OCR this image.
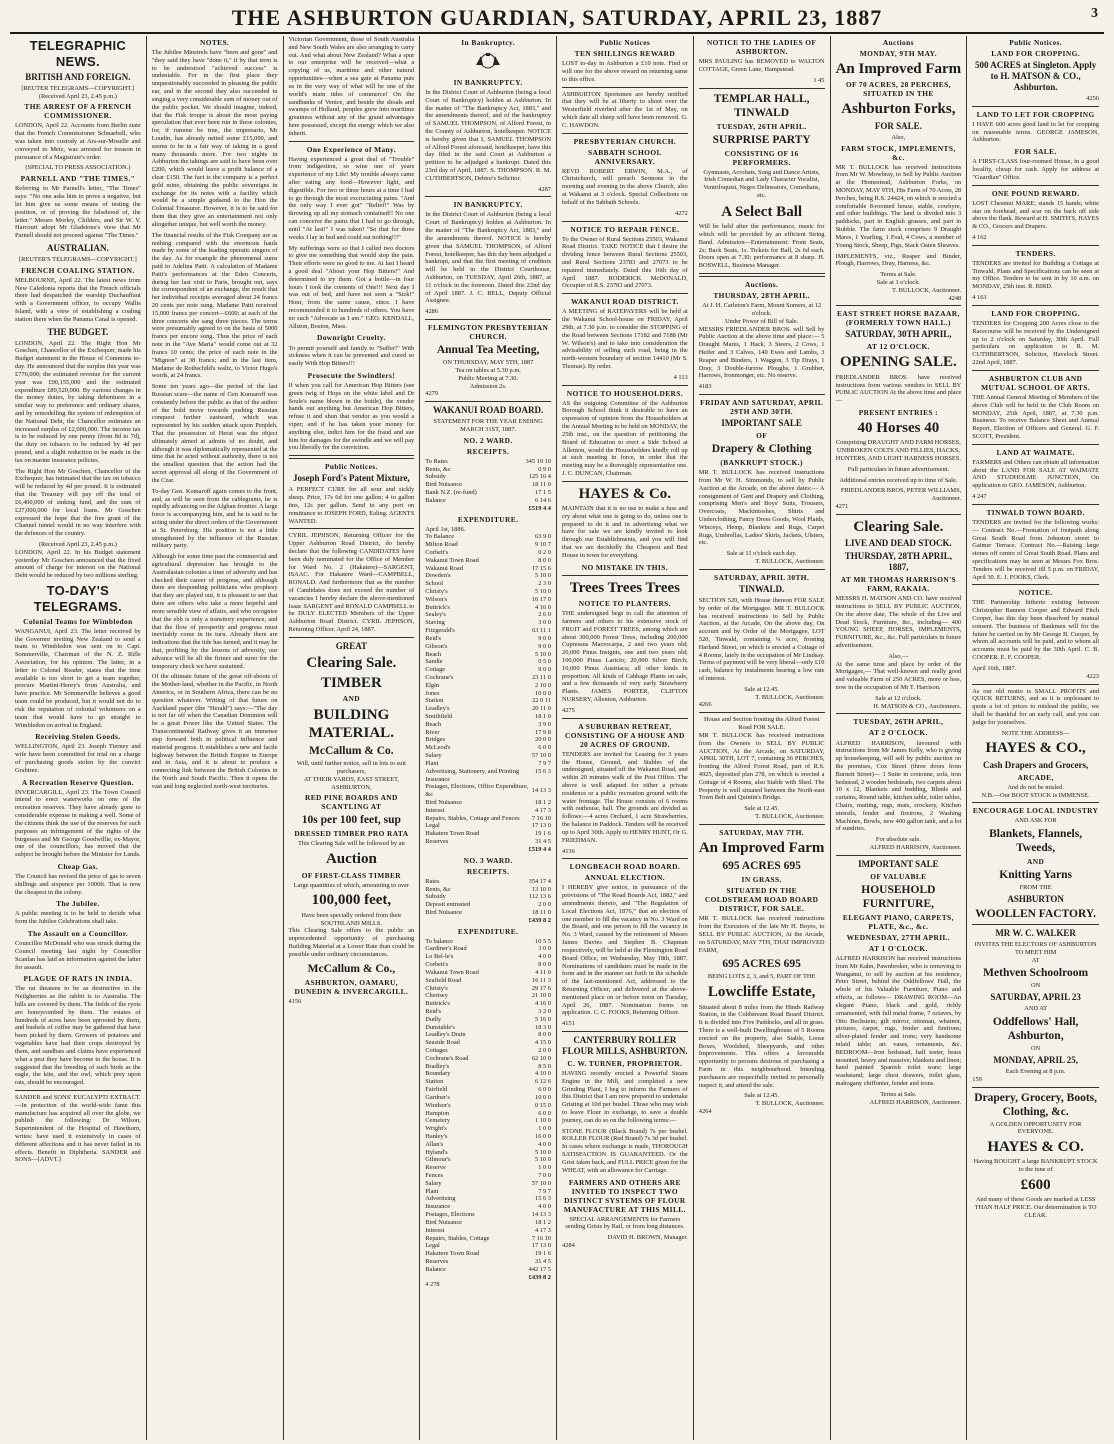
THE ASHBURTON GUARDIAN, SATURDAY, APRIL 23, 1887	3
TELEGRAPHIC NEWS.
BRITISH AND FOREIGN.
[REUTER TELEGRAMS—COPYRIGHT.]
(Received April 23, 2.45 p.m.)
THE ARREST OF A FRENCH COMMISSIONER.

LONDON, April 22. Accounts from Berlin state that the French Commissioner Schnaebell, who was taken into custody at Ars-sur-Moselle and conveyed to Metz, was arrested for treason in pursuance of a Magistrate's order.

(SPECIAL TO PRESS ASSOCIATION.)
PARNELL AND "THE TIMES."

Referring to Mr Parnell's letter, "The Times" says: "No one asks him to prove a negative, but let him give us some means of testing the position, or of proving the falsehood of, the letter." Messrs Morley, Childers, and Sir W. V. Harcourt adopt Mr Gladstone's view that Mr Parnell should not proceed against "The Times."

AUSTRALIAN.
[REUTER'S TELEGRAMS—COPYRIGHT.]
FRENCH COALING STATION.

MELBOURNE, April 22. The latest news from New Caledonia reports that the French officials there had despatched the warship Duchauffaut with a Government officer, to occupy Wallis Island, with a view of establishing a coaling station there when the Panama Canal is opened.

THE BUDGET.

LONDON, April 22. The Right Hon Mr Goschen, Chancellor of the Exchequer, made his Budget statement in the House of Commons to-day. He announced that the surplus this year was £776,000; the estimated revenue for the current year was £90,155,000 and the estimated expenditure £89,520,000. By various changes in the money duties, by taking debentures in a similar way to preference and ordinary shares, and by remodelling the system of redemption of the National Debt, the Chancellor estimates an increased surplus of £2,000,000. The income tax is to be reduced by one penny (from 8d to 7d), the duty on tobacco to be reduced by 4d per pound, and a slight reduction to be made in the tax on marine insurance policies.

The Right Hon Mr Goschen, Chancellor of the Exchequer, has intimated that the tax on tobacco will be reduced by 4d per pound. It is estimated that the Treasury will pay off the total of £6,400,000 of sinking fund, and the sum of £27,000,000 for local loans. Mr Goschen expressed the hope that the free grant of the Channel tunnel would in no way interfere with the defences of the country.

(Received April 23, 2.45 p.m.)

LONDON, April 22. In his Budget statement yesterday Mr Goschen announced that the fixed amount of charge for interest on the National Debt would be reduced by two millions sterling.

TO-DAY'S TELEGRAMS.
Colonial Teams for Wimbledon

WANGANUI, April 23. The letter received by the Governor inviting New Zealand to send a team to Wimbledon was sent on to Capt. Sommerville, Chairman of the N. Z. Rifle Association, for his opinion. The latter, in a letter to Colonel Reader, states that the time available is too short to get a team together, procure Martini-Henry's from Australia, and have practice. Mr Sommerville believes a good team could be produced, but it would not do to risk the reputation of colonial volunteers on a team that would have to go straight to Wimbledon on arrival in England.

Receiving Stolen Goods.

WELLINGTON, April 23. Joseph Tierney and wife have been committed for trial on a charge of purchasing goods stolen by the convict Grabtree.

A Recreation Reserve Question.

INVERCARGILL, April 23. The Town Council intend to erect waterworks on one of the recreation reserves. They have already gone to considerable expense in making a well. Some of the citizens think the use of the reserves for such purposes an infringement of the rights of the burgesses and Mr George Goodwillie, ex-Mayor, one of the councillors, has moved that the subject be brought before the Minister for Lands.

Cheap Gas.

The Council has revised the price of gas to seven shillings and sixpence per 1000ft. That is now the cheapest in the colony.

The Jubilee.

A public meeting is to be held to decide what form the Jubilee Celebrations shall take.

The Assault on a Councillor.

Councillor McDonald who was struck during the Council meeting last night by Councillor Scanlan has laid an information against the latter for assault.

PLAGUE OF RATS IN INDIA.

The rat theatens to be as destructive in the Neilgherries as the rabbit is to Australia. The hills are covered by them. The fields of the ryots are honeycombed by them. The estates of hundreds of acres have been uprooted by them, and bushels of coffee may be gathered that have been picked by them. Growers of potatoes and vegetables have had their crops destroyed by them, and sandbats and claims have experienced what a pest they have become to the house. It is suggested that the breeding of such birds as the eagle, the kite, and the owl, which prey upon rats, should be encouraged.

SANDER and SONS' EUCALYPTI EXTRACT.—In protection of the world-wide fame this manufacture has acquired all over the globe, we publish the following: Dr Wilson, Superintendent of the Hospital of Hawthorn, writes: have used it extensively in cases of different affections and it has never failed in its effects. Benefit in Diphtheria. SANDER and SONS—[ADVT.]

NOTES.

The Jubilee Minstrels have "been and gone" and "they said they have "done it," if by that term is to be understood "achieved success" is undeniable. For in the first place they unquestionably succeeded in pleasing the public ear, and in the second they also succeeded in singing a very considerable sum of money out of the public pocket. We should imagine, indeed, that the Fisk troupe is about the most paying speculation that ever been run in these colonies, for, if rumour be true, the impresario, Mr Loudin, has already netted some £15,000, and seems to be in a fair way of taking in a good many thousands more. For two nights in Ashburton the takings are said to have been over £200, which would leave a profit balance of a clear £150. The fact is the company is a perfect gold mine, obtaining the public sovereigns in exchange for its notes with a facility which would be a simple godsend to the Hon the Colonial Treasurer. However, it is to be said for them that they give an entertainment not only altogether unique, but well worth the money.

The financial results of the Fisk Company are as nothing compared with the enormous hauls made by some of the leading operatic singers of the day. As for example the phenomenal sums paid to Adelina Patti. A calculation of Madame Patti's performances at the Eden Concerts, during her last visit to Paris, brought out, says the correspondent of an exchange, the result that her individual receipts averaged about 24 francs 20 cents per note sung. Madame Patti received 15,000 francs per concert—£600; at each of the three concerts she sang three pieces. The terms were presumably agreed to on the basis of 5000 francs per encore song. Thus the price of each note in the "Ave Maria" would come out at 32 francs 10 cents; the price of each note in the "Mignon" at 38 francs; and in the last item, Madame de Rothschild's waltz, to Victor Hugo's words, at 24 francs.

Some ten years ago—the period of the last Russian scare—the name of Gen Komaroff was constantly before the public as that of the author of the bold move towards pushing Russian conquest further eastward, which was represented by his sudden attack upon Penjdeh. That the possession of Herat was the object ultimately aimed at admits of no doubt, and although it was diplomatically represented at the time that he acted without authority, there is not the smallest question that the action had the secret approval all along of the Government of the Czar.

To-day Gen. Komaroff again comes to the front, and, as will be seen from the cablegrams, he is rapidly advancing on the Afghan frontier. A large force is accompanying him, and he is said to be acting under the direct orders of the Government at St. Petersburg. His position is not a little strengthened by the influence of the Russian military party.

Although for some time past the commercial and agricultural depression has brought to the Australasian colonies a time of adversity and has checked their career of progress, and although there are desponding politicians who prophesy that they are played out, it is pleasant to see that there are others who take a more hopeful and more sensible view of affairs, and who recognise that the ebb is only a transitory experience, and that the flow of prosperity and progress must inevitably come in its turn. Already there are indications that the tide has turned, and it may be that, profiting by the lessons of adversity, our advance will be all the firmer and surer for the temporary check we have sustained.

Of the ultimate future of the great off-shoots of the Mother-land, whether in the Pacific, in North America, or in Southern Africa, there can be no question whatever. Writing of that future on Auckland paper (the "Herald") says:—"The day is not far off when the Canadian Dominion will be a great Power like the United States. The Transcontinental Railway gives it an immense step forward both in political influence and material progress. It establishes a new and facile highway between the British Empire in Europe and in Asia, and it is about to produce a connecting link between the British Colonies in the North and South Pacific. Then it opens the vast and long neglected north-west territories.

Victorian Government, those of South Australia and New South Wales are also arranging to carry out. And what about New Zealand? What a spur to our enterprise will be received—what a copying of us, maritime and other natural opportunities—when a sea gate at Panama puts us in the very way of what will be one of the world's main tides of commerce! On the sandbanks of Venice, and beside the shoals and swamps of Holland, peoples grew into maritime greatness without any of the grand advantages here possessed, except the energy which we also inherit.

One Experience of Many.

Having experienced a great deal of "Trouble" from indigestion, so wine one of years experience of my Life! My trouble always came after eating any food—However light, and digestible. For two or three hours at a time I had to go through the most excruciating pains. "And the only way I ever got" "Relief!" Was by throwing up all my stomach contained!! No one can conceive the pains that I had to go through, until "At last!" I was taken! "So that for three weeks I lay in bed and could eat nothing!!!"

My sufferings were so that I called two doctors to give me something that would stop the pain. Their efforts were no good to me. At last I heard a good deal "About your Hop Bitters!" And determined to try them. Got a bottle—in four hours I took the contents of One!!! Next day I was out of bed, and have not seen a "Sick!" Hour, from the same cause, since. I have recommended it to hundreds of others. You have no such "Advocate as I am." GEO. KENDALL, Allston, Boston, Mass.

Downright Cruelty.

To permit yourself and family to "Suffer!" With sickness when it can be prevented and cured so easily With Hop Bitters!!!

Prosecute the Swindlers!

If when you call for American Hop Bitters (see green twig of Hops on the white label and Dr Soule's name blown in the bottle), the vendor hands out anything but American Hop Bitters, refuse it and shun that vendor as you would a viper; and if he has taken your money for anything else, indict him for the fraud and sue him for damages for the swindle and we will pay you liberally for the conviction.

Public Notices.
Joseph Ford's Patent Mixture,

A PERFECT CURE for all sour and sickly sheep. Price, 17s 6d for one gallon; 4 to gallon tins, 12s per gallon. Send to any port on remittance to JOSEPH FORD, Ealing. AGENTS WANTED.

CYRIL JEPHSON, Returning Officer for the Upper Ashburton Road District, do hereby declare that the following CANDIDATES have been duly nominated for the Office of Member for Ward No. 2 (Hakatere)—SARGENT, ISAAC. For Hakatere Ward—CAMPBELL, RONALD. And furthermore that as the number of Candidates does not exceed the number of vacancies I hereby declare the above-mentioned Isaac SARGENT and RONALD CAMPBELL to be DULY ELECTED Members of the Upper Ashburton Road District. CYRIL JEPHSON, Returning Officer. April 24, 1887.

GREAT
Clearing Sale.
TIMBER
AND
BUILDING MATERIAL.
McCallum & Co.
Will, until further notice, sell in lots to suit purchasers,
AT THEIR YARDS, EAST STREET, ASHBURTON,
RED PINE BOARDS AND SCANTLING AT
10s per 100 feet, sup
DRESSED TIMBER PRO RATA
This Clearing Sale will be followed by an
Auction
OF FIRST-CLASS TIMBER
Large quantities of which, amounting to over
100,000 feet,
Have been specially ordered from their SOUTHLAND MILLS.

This Clearing Sale offers to the public an unprecedented opportunity of purchasing Building Material at a Lower Rate than could be possible under ordinary circumstances.

McCallum & Co.,
ASHBURTON, OAMARU, DUNEDIN & INVERCARGILL.
4156
In Bankruptcy.
IN BANKRUPTCY.

In the District Court of Ashburton (being a local Court of Bankruptcy) holden at Ashburton. In the matter of "The Bankruptcy Act, 1883," and the amendments thereof, and of the bankruptcy of SAMUEL THOMPSON, of Alford Forest, in the County of Ashburton, hotelkeeper. NOTICE is hereby given that I, SAMUEL THOMPSON of Alford Forest aforesaid, hotelkeeper, have this day filed in the said Court at Ashburton a petition to be adjudged a bankrupt. Dated this 23rd day of April, 1887. S. THOMPSON. R. M. CUTHBERTSON, Debtor's Solicitor.

4287
IN BANKRUPTCY.

In the District Court of Ashburton (being a local Court of Bankruptcy) holden at Ashburton. In the matter of "The Bankruptcy Act, 1883," and the amendments thereof. NOTICE is hereby given that SAMUEL THOMPSON, of Alford Forest, hotelkeeper, has this day been adjudged a bankrupt, and that the first meeting of creditors will be held in the District Courthouse, Ashburton, on TUESDAY, April 26th, 1887, at 11 o'clock in the forenoon. Dated this 22nd day of April 1887. J. C. BELL, Deputy Official Assignee.

4286
FLEMINGTON PRESBYTERIAN CHURCH.
Annual Tea Meeting,
ON THURSDAY, MAY 5TH, 1887
Tea on tables at 5.30 p.m.
Public Meeting at 7.30.
Admission 2s.
4279
WAKANUI ROAD BOARD.
STATEMENT FOR THE YEAR ENDING MARCH 31ST, 1887.
NO. 2 WARD.
RECEIPTS.
To Rates	345 19 10
Rents, &c	0 9 0
Subsidy	125 16 4
Bird Nuisance	18 11 0
Bank N.Z. (re-fund)	17 1 5
Balance	6 14 6
£519 4 4
EXPENDITURE.
April 1st, 1886.
To Balance	63 9 0
Milton Road	9 10 7
Corbett's	0 2 0
Wakanui Town Road	8 0 0
Wakanui Road	17 15 6
Dowden's	5 10 0
School	2 3 0
Christy's	5 10 0
Wilson's	16 17 0
Buttrick's	4 16 0
Sealey's	2 6 0
Staving	3 0 0
Fitzgerald's	63 11 1
Reid's	9 0 0
Gibson's	9 0 0
Beach	5 10 0
Sandle	0 5 0
Cottage	9 0 0
Cochrane's	23 11 0
Elgin	2 10 0
Jones	10 0 0
Station	22 0 11
Leadley's	20 11 0
Smithfield	18 1 0
Beach	3 9 0
River	17 9 8
Bridges	20 0 0
McLeod's	6 0 0
Salary	57 10 0
Plant	7 9 7
Advertising, Stationery, and Printing	15 6 3
Insurance	
Postages, Elections, Office Expenditure, &c	14 13 3
Bird Nuisance	18 1 2
Interest	4 17 3
Repairs, Stables, Cottage and Fences	7 16 10
Legal	17 13 0
Hakatere Town Road	19 1 6
Reserves	31 4 5
£519 4 4
NO. 3 WARD.
RECEIPTS.
Rates	354 17 4
Rents, &c	13 10 0
Subsidy	112 13 6
Deposit entrusted	2 0 0
Bird Nuisance	18 11 0
£439 8 2
EXPENDITURE.
To balance	10 5 5
Gardiner's Road	3 0 0
Lo Bel-le's	4 0 0
Corbett's	8 0 0
Wakanui Town Road	4 11 0
Seafield Road	16 11 3
Christy's	29 17 6
Chertsey	21 10 0
Buttrick's	4 16 0
Reid's	3 2 0
Dudly	5 16 0
Dunstable's	18 3 0
Leadley's Drain	8 0 0
Seaside Road	4 15 0
Cottages	2 0 0
Cochrane's Road	62 10 0
Bradley's	8 5 0
Boundary	4 10 0
Station	6 12 6
Fairfield	6 0 0
Gardner's	10 0 0
Windsor's	0 15 0
Hampton	6 0 0
Cemetery	1 10 0
Wright's	1 0 0
Hanley's	16 0 0
Allan's	4 0 0
Hyland's	5 10 0
Gilmour's	5 10 0
Reserve	1 0 0
Fences	7 0 0
Salary	57 10 0
Plant	7 9 7
Advertising	15 6 3
Insurance	4 0 0
Postages, Elections	14 13 3
Bird Nuisance	18 1 2
Interest	4 17 3
Repairs, Stables, Cottage	7 16 10
Legal	17 13 0
Hakatere Town Road	19 1 6
Reserves	31 4 5
Balance	442 17 5
£439 8 2
4 278
Public Notices
TEN SHILLINGS REWARD

LOST to-day in Ashburton a £10 note. Find or will one for the above reward on returning same to this office.

ASHBURTON Sportsmen are hereby notified that they will be at liberty to shoot over the Westerfield riverbed after the 1st of May, on which date all sheep will have been removed. G. C. HAWDON.

PRESBYTERIAN CHURCH.
SABBATH SCHOOL ANNIVERSARY.

REVD ROBERT ERWIN, M.A., of Christchurch, will preach Sermons in the morning and evening in the above Church, also at Wakanui at 3 o'clock. Special Collections on behalf of the Sabbath Schools.

4272
NOTICE TO REPAIR FENCE.

To the Owner of Rural Sections 25503, Wakanui Road District. TAKE NOTICE that I desire the dividing fence between Rural Sections 25503, and Rural Sections 23783 and 27073 to be repaired immediately. Dated this 16th day of April 1887. RODERICK McDONALD, Occupier of R.S. 23783 and 27073.

WAKANUI ROAD DISTRICT.

A MEETING of RATEPAYERS will be held at the Wakanui School-house on FRIDAY, April 29th, at 7.30 p.m. to consider the STOPPING of the Road between Sections 17182 and 7188 (Mr W. Wilson's) and to take into consideration the advisability of selling such road, being in the north-western boundary of section 14410 (Mr S. Thomas). By order.

4 113
NOTICE TO HOUSEHOLDERS.

AS the outgoing Committee of the Ashburton Borough School think it desirable to have an expression of opinion from the Householders at the Annual Meeting to be held on MONDAY, the 25th inst., on the question of petitioning the Board of Education to erect a Side School at Allenton, would the Householders kindly roll up at such meeting in force, in order that the meeting may be a thoroughly representative one. J. C. DUNCAN, Chairman.

HAYES & Co.

MAINTAIN that it is no use to make a fuss and cry about what one is going to do, unless one is prepared to do it and in advertising what we have for sale we are kindly invited to look through our Establishments, and you will find that we are decidedly the Cheapest and Best House in town for everything.

NO MISTAKE IN THIS.
Trees Trees Trees
NOTICE TO PLANTERS.

THE undersigned begs to call the attention of farmers and others to his extensive stock of FRUIT and FOREST TREES, among which are about 300,000 Forest Trees, including 200,000 Cupressus Macrocarpa, 2 and two years old; 20,000 Pinus Insignis, one and two years old; 100,000 Pinus Laricio; 20,000 Silver Birch; 10,000 Pinus Austriaca; all other kinds in proportion. All kinds of Cabbage Plants on sale, and a few thousands of very early Strawberry Plants. JAMES PORTER, CLIFTON NURSERY, Allenton, Ashburton.

4275
A SUBURBAN RETREAT, CONSISTING OF A HOUSE AND 20 ACRES OF GROUND.

TENDERS are invited for Leasing for 3 years the House, Ground, and Stables of the undersigned, situated off the Wakanui Road, and within 20 minutes walk of the Post Office. The above is well adapted for either a private residence or a public recreation ground with the water frontage. The House consists of 6 rooms with outhouse, hall. The grounds are divided as follows:—4 acres Orchard, 1 acre Strawberries, the balance in Paddock. Tenders will be received up to April 30th. Apply to HENRY HUNT, Or G. FRIEDMAN.

4136
LONGBEACH ROAD BOARD.
ANNUAL ELECTION.

I HEREBY give notice, in pursuance of the provisions of "The Road Boards Act, 1882," and amendments thereto, and "The Regulation of Local Elections Act, 1876," that an election of one member to fill the vacancy in No. 3 Ward on the Board, and one person to fill the vacancy in No. 3 Ward, caused by the retirement of Messrs James Davies and Stephen B. Chapman respectively, will be held at the Flemington Road Board Office, on Wednesday, May 18th, 1887. Nominations of candidates must be made in the form and in the manner set forth in the schedule of the last-mentioned Act, addressed to the Returning Officer, and delivered at the above-mentioned place on or before noon on Tuesday, April 26, 1887. Nomination forms on application. C. C. FOOKS, Returning Officer.

4151
CANTERBURY ROLLER FLOUR MILLS, ASHBURTON.
C. W. TURNER, PROPRIETOR.

HAVING recently erected a Powerful Steam Engine in the Mill, and completed a new Grinding Plant, I beg to inform the Farmers of this District that I am now prepared to undertake Gristing at 10d per bushel. Those who may wish to leave Flour in exchange, to save a double journey, can do so on the following terms:—

STONE FLOUR (Black Brand) 7s per bushel. ROLLER FLOUR (Red Brand) 7s 3d per bushel. In cases where exchange is made, THOROUGH SATISFACTION IS GUARANTEED. Or the Grist taken back, and FULL PRICE given for the WHEAT, with an allowance for Carriage.

FARMERS AND OTHERS ARE INVITED TO INSPECT TWO DISTINCT SYSTEMS OF FLOUR MANUFACTURE AT THIS MILL.

SPECIAL ARRANGEMENTS for Farmers sending Grists by Rail, or from long distances.

DAVID H. BROWN, Manager.
4284
NOTICE TO THE LADIES OF ASHBURTON.

MRS PAULING has REMOVED to WALTON COTTAGE, Green Lane, Hampstead.

1 45
TEMPLAR HALL, TINWALD
TUESDAY, 26TH APRIL.
SURPRISE PARTY
CONSISTING OF 16 PERFORMERS.

Gymnasts, Acrobats, Song and Dance Artists, Irish Comedian and Lady Character Vocalist, Ventriloquist, Negro Delineators, Comedians, etc.

A Select Ball

Will be held after the performance, music for which will be provided by an efficient String Band. Admission—Entertainment: Front Seats, 2s; Back Seats, 1s. Tickets for Ball, 2s 6d each. Doors open at 7.30; performance at 8 sharp. H. BOSWELL, Business Manager.

Auctions.
THURSDAY, 28TH APRIL.
At J. H. Carleton's Farm, Mount Somers, at 12 o'clock.
Under Power of Bill of Sale.

MESSRS FRIEDLANDER BROS. will Sell by Public Auction at the above time and place:— 5 Draught Mares, 1 Hack, 3 Steers, 2 Cows, 1 Heifer and 3 Calves, 140 Ewes and Lambs, 3 Reaper and Binders, 1 Waggon, 3 Tip Drays, 1 Dray, 3 Double-furrow Ploughs, 1 Grubber, Harrows, Ironmonger, etc. No reserve.

4183
FRIDAY AND SATURDAY, APRIL 29TH AND 30TH.
IMPORTANT SALE
OF
Drapery & Clothing
(BANKRUPT STOCK.)

MR T. BULLOCK has received instructions from Mr W. H. Simmonds, to sell by Public Auction at the Arcade, on the above dates:— A consignment of Gent and Drapery and Clothing, comprising Men's and Boys' Suits, Trousers, Overcoats, Mackintoshes, Shirts and Underclothing, Fancy Dress Goods, Wool Plaids, Winceys, Hemp, Blankets and Rugs, Carpet Rugs, Umbrellas, Ladies' Skirts, Jackets, Ulsters, etc.

Sale at 11 o'clock each day.
T. BULLOCK, Auctioneer.
SATURDAY, APRIL 30TH.
TINWALD.

SECTION 520, with House thereon FOR SALE by order of the Mortgagee. MR T. BULLOCK has received instructions to Sell by Public Auction, at the Arcade, On the above day, On account and by Order of the Mortgagee, LOT 520, Tinwald, containing ¼ acre, fronting Harland Street, on which is erected a Cottage of 4 Rooms, lately in the occupation of Mr Lindsay. Terms of payment will be very liberal—only £10 cash, balance by instalments bearing a low rate of interest.

Sale at 12.45.
T. BULLOCK, Auctioneer.
4266
House and Section fronting the Alford Forest Road FOR SALE.

MR T. BULLOCK has received instructions from the Owners to SELL BY PUBLIC AUCTION, At the Arcade, on SATURDAY, APRIL 30TH, LOT 7, containing 36 PERCHES, fronting the Alford Forest Road, part of R.S. 4925, deposited plan 278, on which is erected a Cottage of 4 Rooms, also Stable with Shed. The Property is well situated between the North-east Town Belt and Quintin's Bridge.

Sale at 12.45.
T. BULLOCK, Auctioneer.
SATURDAY, MAY 7TH.
An Improved Farm
695 ACRES 695
IN GRASS.
SITUATED IN THE COLDSTREAM ROAD BOARD DISTRICT, FOR SALE.

MR T. BULLOCK has received instructions from the Executors of the late Mr H. Boyes, to SELL BY PUBLIC AUCTION, At the Arcade, on SATURDAY, MAY 7TH, THAT IMPROVED FARM,

695 ACRES 695
BEING LOTS 2, 3, and 5, PART OF THE
Lowcliffe Estate,

Situated about 8 miles from the Hinds Railway Station, in the Coldstream Road Board District. It is divided into Five Paddocks, and all in grass. There is a well-built Dwellinghouse of 5 Rooms erected on the property, also Stable, Loose Boxes, Woolshed, Sheepyards, and other Improvements. This offers a favourable opportunity to persons desirous of purchasing a Farm in this neighbourhood. Intending purchasers are respectfully invited to personally inspect it, and attend the sale.

Sale at 12.45.
T. BULLOCK, Auctioneer.
4264
Auctions
MONDAY, 9TH MAY.
An Improved Farm
OF 70 ACRES, 28 PERCHES, SITUATED IN THE
Ashburton Forks,
FOR SALE.
Also,
FARM STOCK, IMPLEMENTS, &c.

MR T. BULLOCK has received instructions from Mr W. Mowbray, to Sell by Public Auction at the Homestead, Ashburton Forks, on MONDAY, MAY 9TH, His Farm of 70 Acres, 28 Perches, being R.S. 24424, on which is erected a comfortable 8-roomed house, stable, cowbyre, and other buildings. The land is divided into 3 paddocks, part in English grasses, and part in Stubble. The farm stock comprises 9 Draught Mares, 1 Yearling, 1 Foal, 4 Cows, a number of Young Stock, Sheep, Pigs, Stack Oaten Sheaves.

IMPLEMENTS, viz., Reaper and Binder, Plough, Harrows, Dray, Harness, &c.

Terms at Sale.
Sale at 1 o'clock.
T. BULLOCK, Auctioneer.
4248
EAST STREET HORSE BAZAAR, (FORMERLY TOWN HALL.)
SATURDAY, 30TH APRIL,
AT 12 O'CLOCK.
OPENING SALE.

FRIEDLANDER BROS. have received instructions from various vendors to SELL BY PUBLIC AUCTION At the above time and place—

PRESENT ENTRIES :
40 Horses 40

Comprising DRAUGHT AND FARM HORSES, UNBROKEN COLTS AND FILLIES, HACKS, HUNTERS, AND LIGHT HARNESS HORSES.

Full particulars in future advertisement.

Additional entries received up to time of Sale.

FRIEDLANDER BROS, PETER WILLIAMS, Auctioneer.
4271
Clearing Sale.
LIVE AND DEAD STOCK.
THURSDAY, 28TH APRIL, 1887,
AT MR THOMAS HARRISON'S FARM, RAKAIA.

MESSRS H. MATSON AND CO. have received instructions to SELL BY PUBLIC AUCTION, On the above date, The whole of the Live and Dead Stock, Furniture, &c., including— 400 YOUNG SHEEP, HORSES, IMPLEMENTS, FURNITURE, &c., &c. Full particulars in future advertisement.

Also,—

At the same time and place by order of the Mortgagee,— That well-known and really good and valuable Farm of 250 ACRES, more or less, now in the occupation of Mr T. Harrison.

Sale at 12 o'clock.
H. MATSON & CO., Auctioneers.
TUESDAY, 26TH APRIL,
AT 2 O'CLOCK.

ALFRED HARRISON, favoured with instructions from Mr James Kelly, who is giving up housekeeping, will sell by public auction on the premises, Cox Street (three doors from Burnett Street)— 1 Suite in crotonne, sofa, iron bedstead, 2 wooden bedsteads, two carpets about 10 x 12, Blankets and bedding, Blinds and curtains, Round table, kitchen table, toilet tables, Chairs, matting, rugs, mats, crockery, Kitchen utensils, fender and fireirons, 2 Washing Machines, Bowls, new 400 gallon tank, and a lot of sundries.

For absolute sale.
ALFRED HARRISON, Auctioneer.
IMPORTANT SALE
OF VALUABLE
HOUSEHOLD FURNITURE,
ELEGANT PIANO, CARPETS, PLATE, &c., &c.
WEDNESDAY, 27TH APRIL.
AT 1 O'CLOCK.

ALFRED HARRISON has received instructions from Mr Kahn, Pawnbroker, who is removing to Wanganui, to sell by auction at his residence, Peter Street, behind the Oddfellows' Hall, the whole of his Valuable Furniture, Piano and effects, as follows— DRAWING ROOM—An elegant Piano, black and gold, richly ornamented, with full metal frame, 7 octaves, by Otto Bechstein; gilt mirror, ottoman, whatnot, pictures, carpet, rugs, fender and fireirons; silver-plated fender and irons; very handsome inlaid table; art vases, ornaments, &c. BEDROOM—Iron bedstead, half tester, brass mounted, heavy and massive; blankets and linen; hand painted Spanish toilet ware; large washstand; large chest drawers, toilet glass, mahogany chiffonier, fender and irons.

Terms at Sale.
ALFRED HARRISON, Auctioneer.
Public Notices.
LAND FOR CROPPING.
500 ACRES at Singleton. Apply to H. MATSON & CO., Ashburton.
4256
LAND TO LET FOR CROPPING

I HAVE 600 acres good land to let for cropping on reasonable terms. GEORGE JAMESON, Ashburton.

FOR SALE.

A FIRST-CLASS four-roomed House, in a good locality, cheap for cash. Apply for address at "Guardian" Office.

ONE POUND REWARD.

LOST Chestnut MARE; stands 15 hands; white star on forehead, and scar on the back off side above the flank. Reward at H. SMITH'S, HAYES & CO., Grocers and Drapers.

4 162
TENDERS.

TENDERS are invited for Building a Cottage at Tinwald. Plans and Specifications can be seen at my Office. Tenders to be sent in by 10 a.m. on MONDAY, 25th inst. R. BIRD.

4 163
LAND FOR CROPPING.

TENDERS for Cropping 200 Acres close to the Racecourse will be received by the Undersigned up to 2 o'clock on Saturday, 30th April. Full particulars on application to R. M. CUTHBERTSON, Solicitor, Havelock Street. 22nd April, 1887.

ASHBURTON CLUB AND MUTUAL SCHOOL OF ARTS.

THE Annual General Meeting of Members of the above Club will be held in the Club Room on MONDAY, 25th April, 1887, at 7.30 p.m. Business: To receive Balance Sheet and Annual Report, Election of Officers and General. G. F. SCOTT, President.

LAND AT WAIMATE.

FARMERS and Others can obtain all information about the LAND FOR SALE AT WAIMATE AND STUDHOLME JUNCTION, On application to GEO. JAMESON, Ashburton.

4 247
TINWALD TOWN BOARD.

TENDERS are invited for the following works:— Contract No.—Formation of footpath along Great South Road from Johnston street to Gaimer Terrace. Contract No.—Raising large stones off centre of Great South Road. Plans and specifications may be seen at Messrs Fox Bros. Tenders will be received till 5 p.m. on FRIDAY, April 30. E. J. FOOKS, Clerk.

NOTICE.

THE Partnership hitherto existing between Christopher Bannon Cooper and Edward Fitch Cooper, has this day been dissolved by mutual consent. The business of Bankmen will for the future be carried on by Mr George B. Cooper, by whom all accounts will be paid, and to whom all accounts must be paid by the 30th April. C. B. COOPER. E. F. COOPER.

April 16th, 1887.
4223

As our old motto is SMALL PROFITS and QUICK RETURNS, and as it is unpleasant to quote a lot of prices to mislead the public, we shall be thankful for an early call, and you can judge for yourselves.

NOTE THE ADDRESS—
HAYES & CO.,
Cash Drapers and Grocers,
ARCADE,
And do not be misled.
N.B.—Our BOOT STOCK is IMMENSE.
ENCOURAGE LOCAL INDUSTRY
AND ASK FOR
Blankets, Flannels, Tweeds,
AND
Knitting Yarns
FROM THE
ASHBURTON
WOOLLEN FACTORY.
MR W. C. WALKER
INVITES THE ELECTORS OF ASHBURTON TO MEET HIM
AT
Methven Schoolroom
ON
SATURDAY, APRIL 23
AND AT
Oddfellows' Hall, Ashburton,
ON
MONDAY, APRIL 25,
Each Evening at 8 p.m.
159
Drapery, Grocery, Boots, Clothing, &c.
A GOLDEN OPPORTUNITY FOR EVERYONE.
HAYES & CO.
Having BOUGHT a large BANKRUPT STOCK to the tune of
£600
And many of these Goods are marked at LESS THAN HALF PRICE. Our determination is TO CLEAR.
